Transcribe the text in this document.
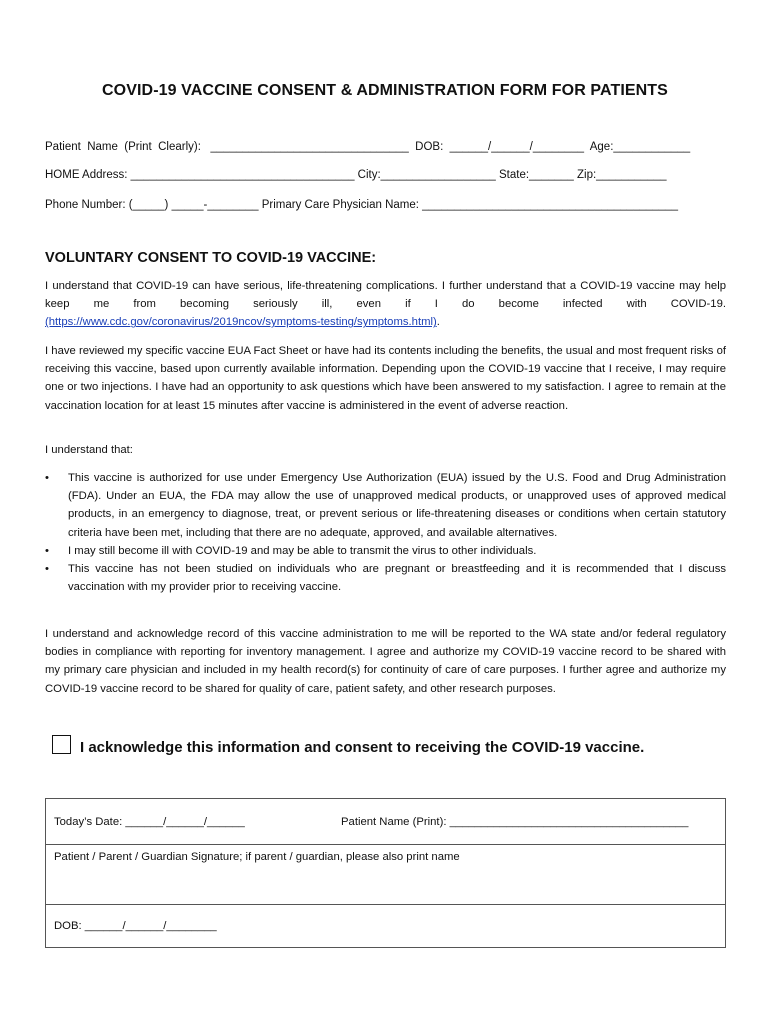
COVID-19 VACCINE CONSENT & ADMINISTRATION FORM FOR PATIENTS
Patient  Name  (Print  Clearly):   _______________________________  DOB:  ______/______/________  Age:____________
HOME Address: ___________________________________ City:__________________ State:_______ Zip:___________
Phone Number: (_____) _____-________ Primary Care Physician Name: ________________________________________
VOLUNTARY CONSENT TO COVID-19 VACCINE:
I understand that COVID-19 can have serious, life-threatening complications. I further understand that a COVID-19 vaccine may help keep me from becoming seriously ill, even if I do become infected with COVID-19. (https://www.cdc.gov/coronavirus/2019ncov/symptoms-testing/symptoms.html).
I have reviewed my specific vaccine EUA Fact Sheet or have had its contents including the benefits, the usual and most frequent risks of receiving this vaccine, based upon currently available information. Depending upon the COVID-19 vaccine that I receive, I may require one or two injections. I have had an opportunity to ask questions which have been answered to my satisfaction. I agree to remain at the vaccination location for at least 15 minutes after vaccine is administered in the event of adverse reaction.
I understand that:
• This vaccine is authorized for use under Emergency Use Authorization (EUA) issued by the U.S. Food and Drug Administration (FDA). Under an EUA, the FDA may allow the use of unapproved medical products, or unapproved uses of approved medical products, in an emergency to diagnose, treat, or prevent serious or life-threatening diseases or conditions when certain statutory criteria have been met, including that there are no adequate, approved, and available alternatives.
• I may still become ill with COVID-19 and may be able to transmit the virus to other individuals.
• This vaccine has not been studied on individuals who are pregnant or breastfeeding and it is recommended that I discuss vaccination with my provider prior to receiving vaccine.
I understand and acknowledge record of this vaccine administration to me will be reported to the WA state and/or federal regulatory bodies in compliance with reporting for inventory management. I agree and authorize my COVID-19 vaccine record to be shared with my primary care physician and included in my health record(s) for continuity of care of care purposes. I further agree and authorize my COVID-19 vaccine record to be shared for quality of care, patient safety, and other research purposes.
I acknowledge this information and consent to receiving the COVID-19 vaccine.
Today’s Date: ______/______/______	Patient Name (Print): ______________________________________
Patient / Parent / Guardian Signature; if parent / guardian, please also print name
DOB: ______/______/________
